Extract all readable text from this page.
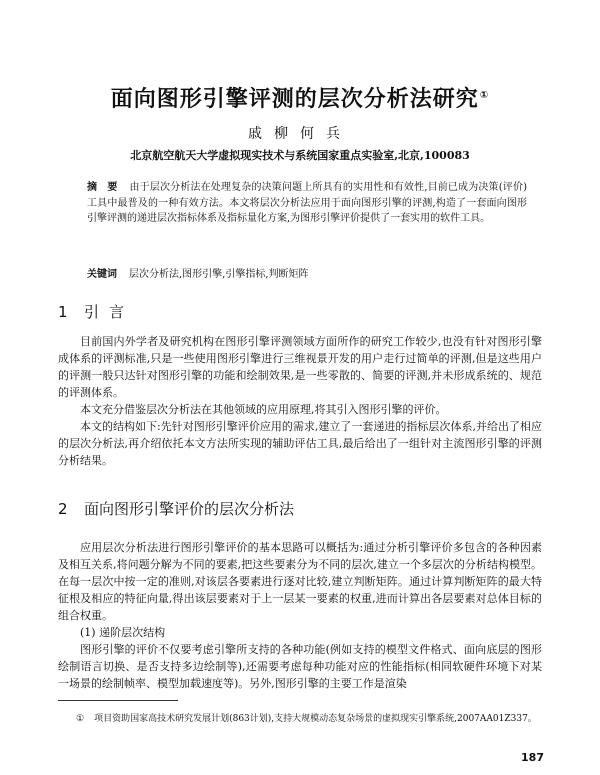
面向图形引擎评测的层次分析法研究①
戚柳何兵
北京航空航天大学虚拟现实技术与系统国家重点实验室,北京,100083
摘　要 由于层次分析法在处理复杂的决策问题上所具有的实用性和有效性,目前已成为决策(评价)工具中最普及的一种有效方法。本文将层次分析法应用于面向图形引擎的评测,构造了一套面向图形引擎评测的递进层次指标体系及指标量化方案,为图形引擎评价提供了一套实用的软件工具。
关键词 层次分析法,图形引擎,引擎指标,判断矩阵
1 引言

目前国内外学者及研究机构在图形引擎评测领域方面所作的研究工作较少,也没有针对图形引擎成体系的评测标准,只是一些使用图形引擎进行三维视景开发的用户走行过简单的评测,但是这些用户的评测一般只达针对图形引擎的功能和绘制效果,是一些零散的、简要的评测,并未形成系统的、规范的评测体系。

本文充分借鉴层次分析法在其他领域的应用原理,将其引入图形引擎的评价。

本文的结构如下:先针对图形引擎评价应用的需求,建立了一套递进的指标层次体系,并给出了相应的层次分析法,再介绍依托本文方法所实现的辅助评估工具,最后给出了一组针对主流图形引擎的评测分析结果。

2 面向图形引擎评价的层次分析法

应用层次分析法进行图形引擎评价的基本思路可以概括为:通过分析引擎评价多包含的各种因素及相互关系,将问题分解为不同的要素,把这些要素分为不同的层次,建立一个多层次的分析结构模型。在每一层次中按一定的准则,对该层各要素进行逐对比较,建立判断矩阵。通过计算判断矩阵的最大特征根及相应的特征向量,得出该层要素对于上一层某一要素的权重,进而计算出各层要素对总体目标的组合权重。

(1) 递阶层次结构

图形引擎的评价不仅要考虑引擎所支持的各种功能(例如支持的模型文件格式、面向底层的图形绘制语言切换、是否支持多边绘制等),还需要考虑每种功能对应的性能指标(相同软硬件环境下对某一场景的绘制帧率、模型加载速度等)。另外,图形引擎的主要工作是渲染

① 项目资助国家高技术研究发展计划(863计划),支持大规模动态复杂场景的虚拟现实引擎系统,2007AA01Z337。
187
